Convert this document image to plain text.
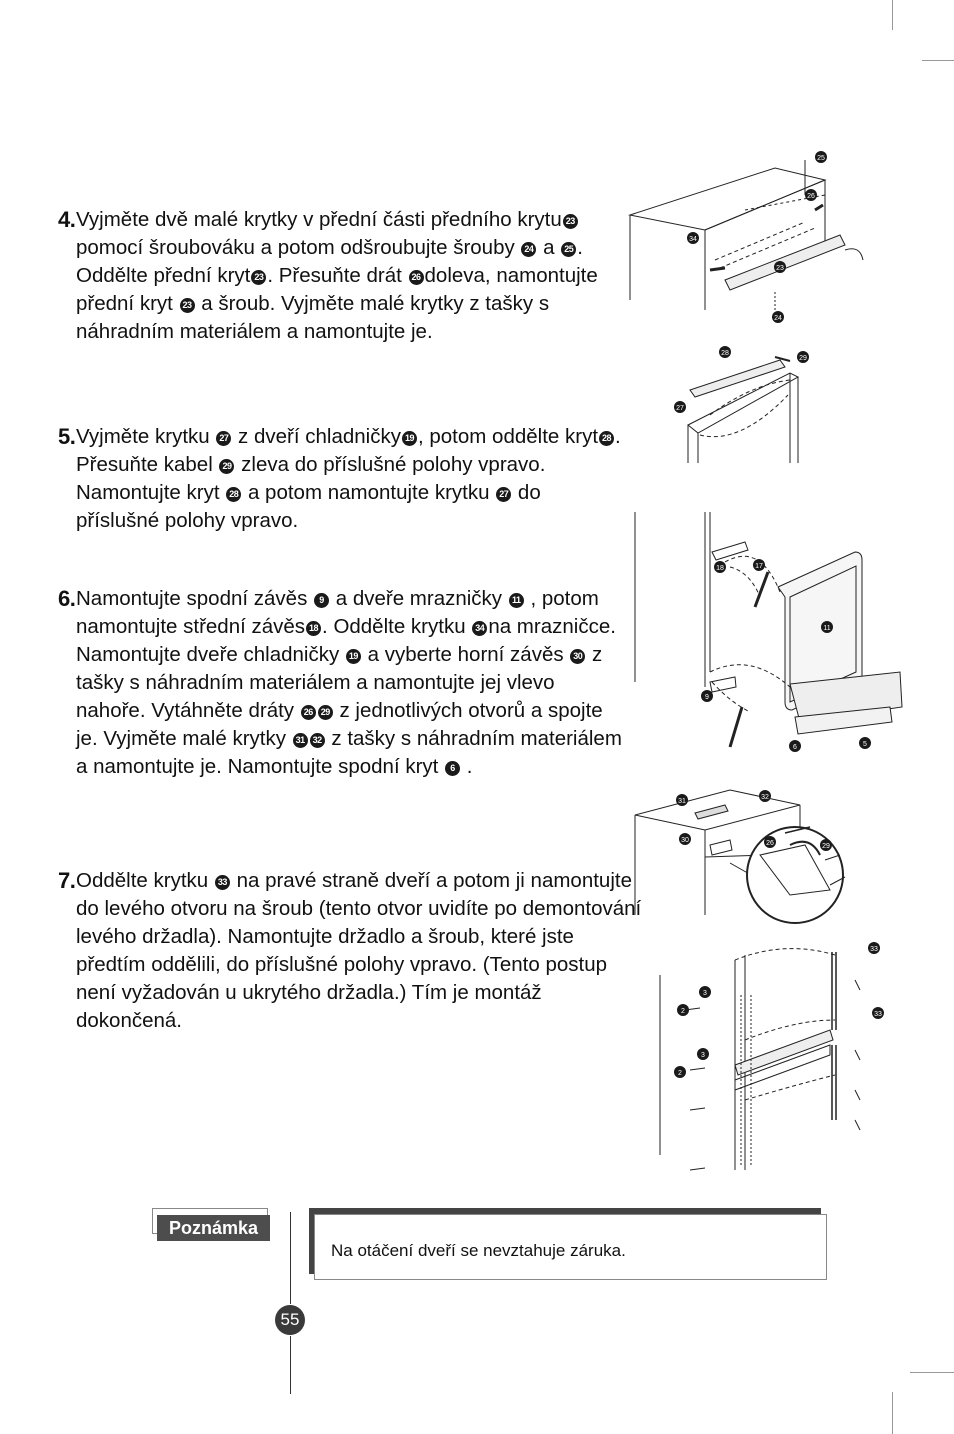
4. Vyjměte dvě malé krytky v přední části předního krytu 23pomocí šroubováku a potom odšroubujte šrouby 24 a 25 . Oddělte přední kryt 23 . Přesuňte drát 26 doleva, namontujte přední kryt 23 a šroub. Vyjměte malé krytky z tašky s náhradním materiálem a namontujte je.

5. Vyjměte krytku 27 z dveří chladničky 19 , potom oddělte kryt 28 . Přesuňte kabel 29 zleva do příslušné polohy vpravo. Namontujte kryt 28 a potom namontujte krytku 27 do příslušné polohy vpravo.

6. Namontujte spodní závěs 9 a dveře mrazničky 11 , potom namontujte střední závěs 18 . Oddělte krytku 34 na mrazničce. Namontujte dveře chladničky 19 a vyberte horní závěs 30 z tašky s náhradním materiálem a namontujte jej vlevo nahoře. Vytáhněte dráty 26 29 z jednotlivých otvorů a spojte je. Vyjměte malé krytky 31 32 z tašky s náhradním materiálem a namontujte je. Namontujte spodní kryt 6 .

7. Oddělte krytku 33 na pravé straně dveří a potom ji namontujte do levého otvoru na šroub (tento otvor uvidíte po demontování levého držadla). Namontujte držadlo a šroub, které jste předtím oddělili, do příslušné polohy vpravo. (Tento postup není vyžadován u ukrytého držadla.) Tím je montáž dokončená.

25
26
34
23
24
28
29
27
18	17
11
9
6	5
31
32
30	26	29
33
3
2	33
3
2
Poznámka
Na otáčení dveří se nevztahuje záruka.
55
